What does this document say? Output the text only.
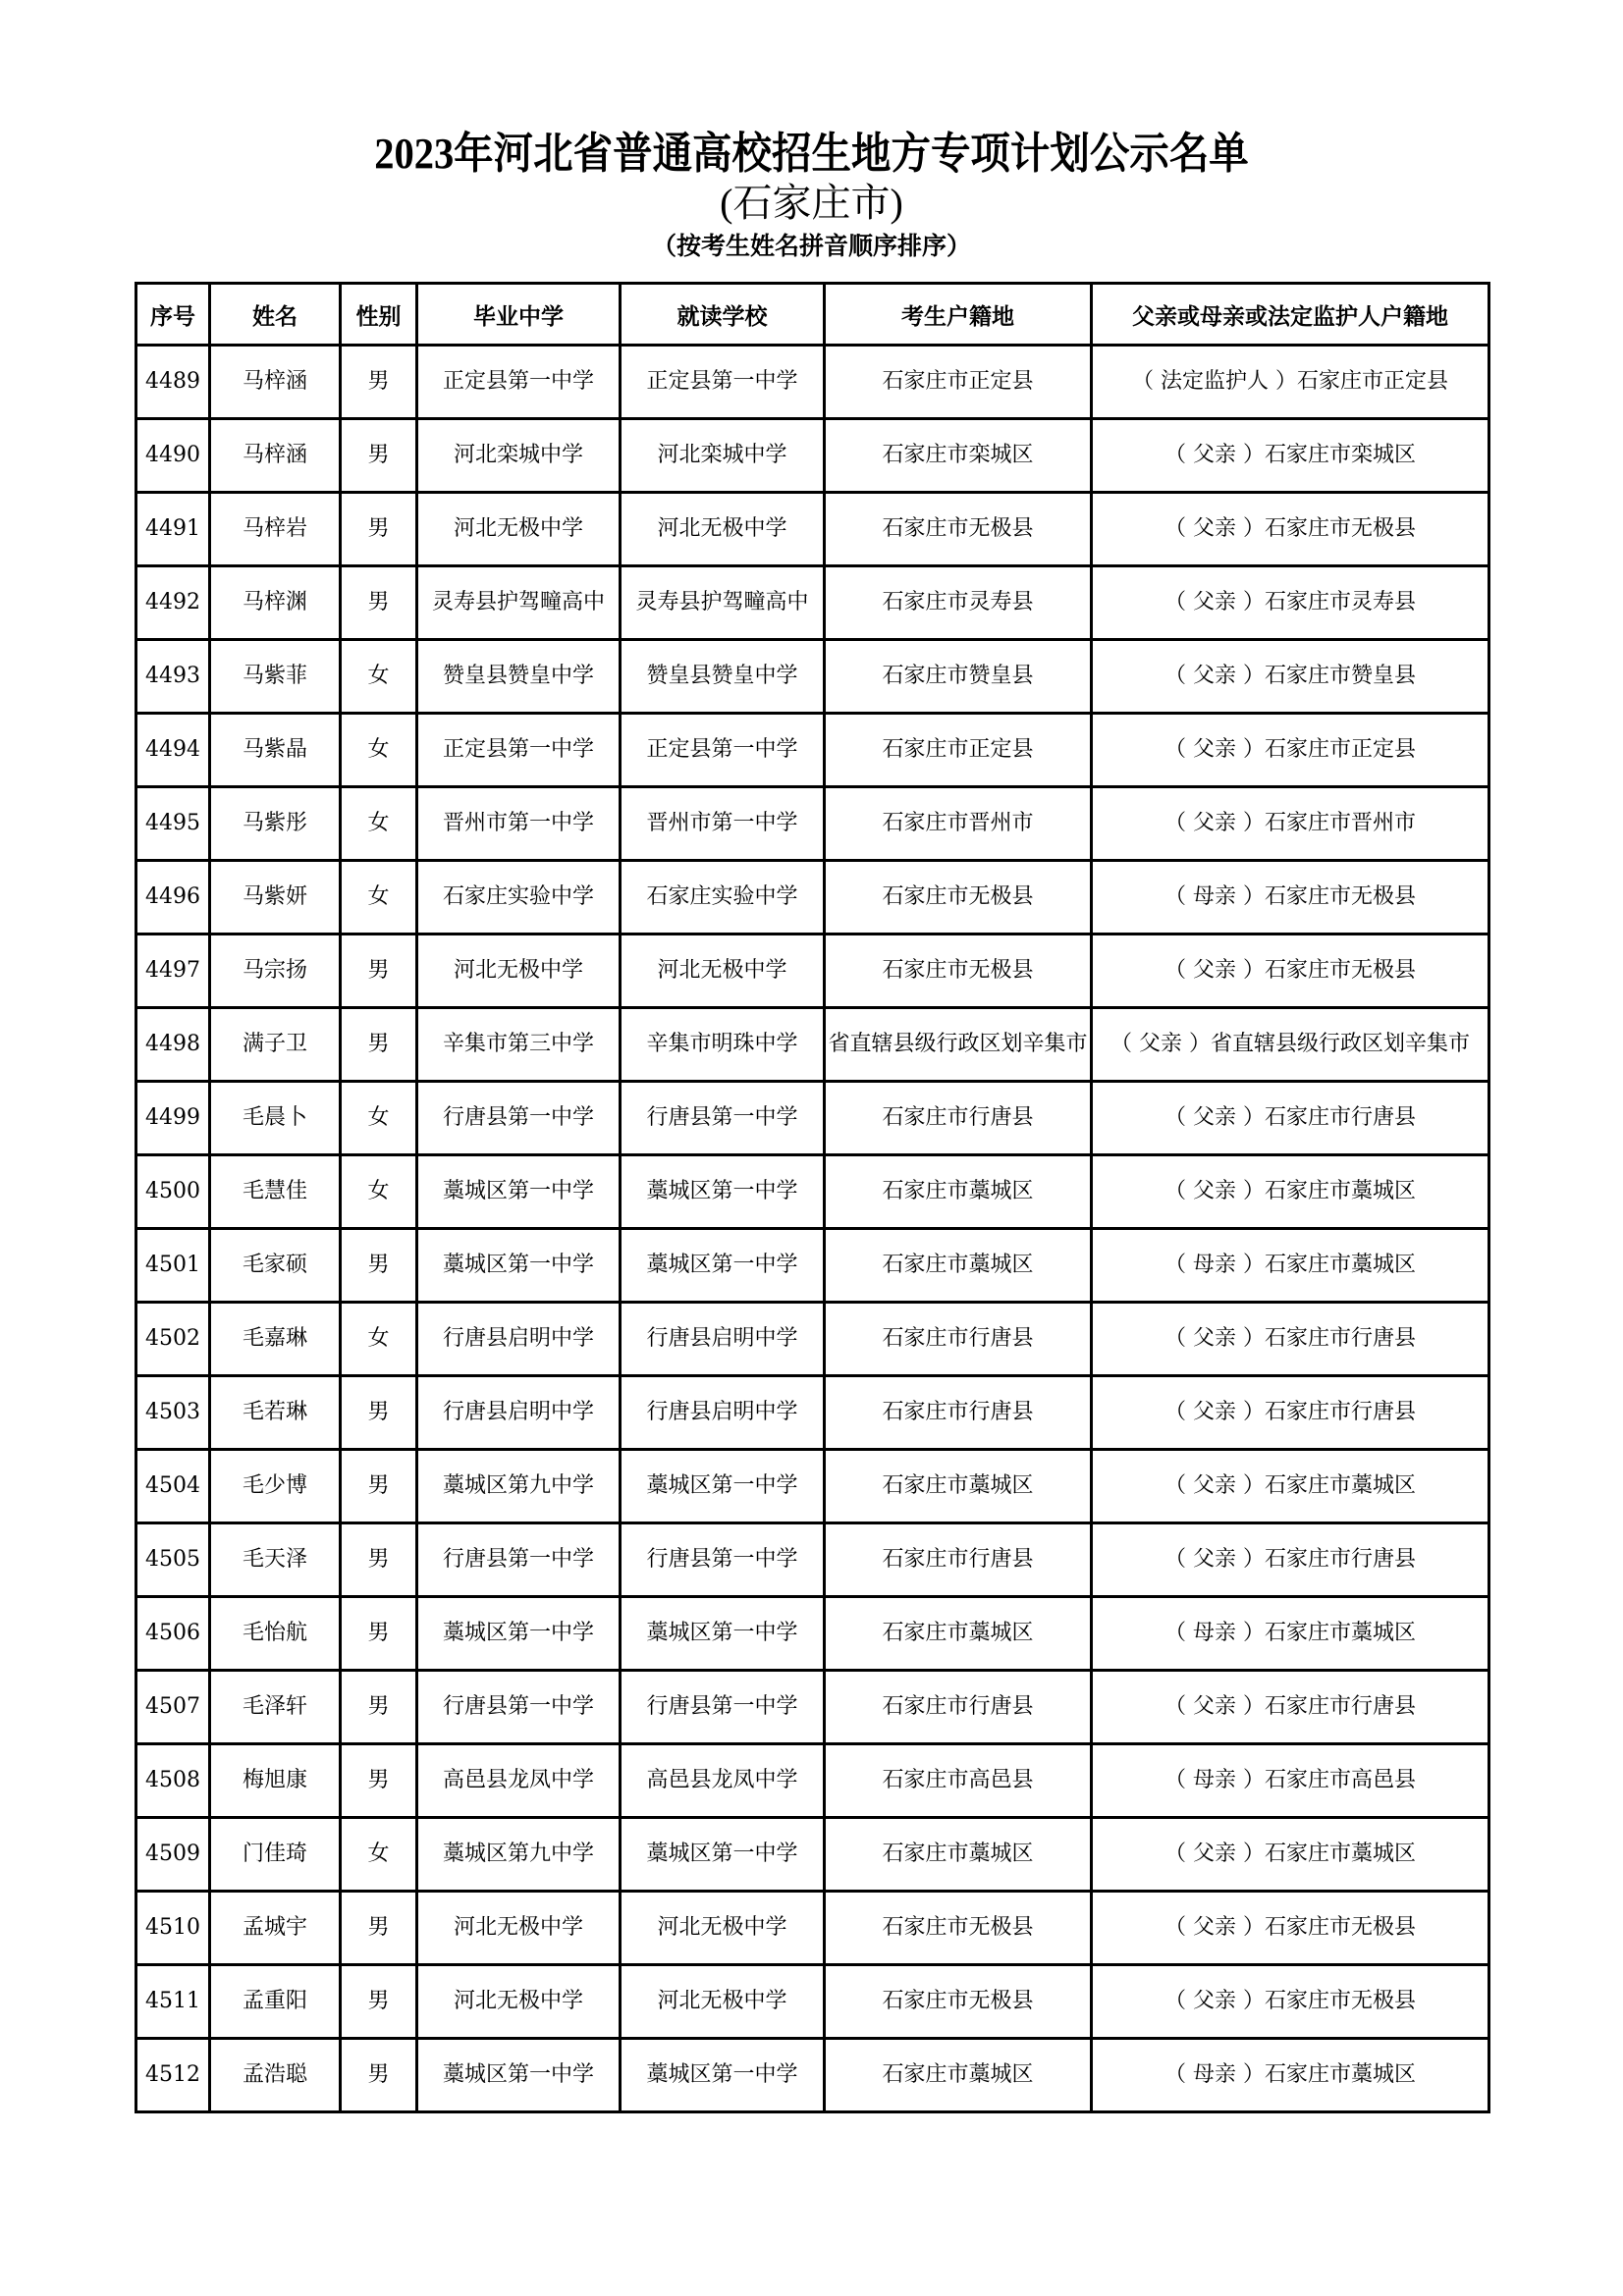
2023年河北省普通高校招生地方专项计划公示名单
(石家庄市)
（按考生姓名拼音顺序排序）
序号	姓名	性别	毕业中学	就读学校	考生户籍地	父亲或母亲或法定监护人户籍地
4489	马梓涵	男	正定县第一中学	正定县第一中学	石家庄市正定县	（ 法定监护人 ）石家庄市正定县
4490	马梓涵	男	河北栾城中学	河北栾城中学	石家庄市栾城区	（ 父亲 ）石家庄市栾城区
4491	马梓岩	男	河北无极中学	河北无极中学	石家庄市无极县	（ 父亲 ）石家庄市无极县
4492	马梓渊	男	灵寿县护驾疃高中	灵寿县护驾疃高中	石家庄市灵寿县	（ 父亲 ）石家庄市灵寿县
4493	马紫菲	女	赞皇县赞皇中学	赞皇县赞皇中学	石家庄市赞皇县	（ 父亲 ）石家庄市赞皇县
4494	马紫晶	女	正定县第一中学	正定县第一中学	石家庄市正定县	（ 父亲 ）石家庄市正定县
4495	马紫彤	女	晋州市第一中学	晋州市第一中学	石家庄市晋州市	（ 父亲 ）石家庄市晋州市
4496	马紫妍	女	石家庄实验中学	石家庄实验中学	石家庄市无极县	（ 母亲 ）石家庄市无极县
4497	马宗扬	男	河北无极中学	河北无极中学	石家庄市无极县	（ 父亲 ）石家庄市无极县
4498	满子卫	男	辛集市第三中学	辛集市明珠中学	省直辖县级行政区划辛集市	（ 父亲 ）省直辖县级行政区划辛集市
4499	毛晨卜	女	行唐县第一中学	行唐县第一中学	石家庄市行唐县	（ 父亲 ）石家庄市行唐县
4500	毛慧佳	女	藁城区第一中学	藁城区第一中学	石家庄市藁城区	（ 父亲 ）石家庄市藁城区
4501	毛家硕	男	藁城区第一中学	藁城区第一中学	石家庄市藁城区	（ 母亲 ）石家庄市藁城区
4502	毛嘉琳	女	行唐县启明中学	行唐县启明中学	石家庄市行唐县	（ 父亲 ）石家庄市行唐县
4503	毛若琳	男	行唐县启明中学	行唐县启明中学	石家庄市行唐县	（ 父亲 ）石家庄市行唐县
4504	毛少博	男	藁城区第九中学	藁城区第一中学	石家庄市藁城区	（ 父亲 ）石家庄市藁城区
4505	毛天泽	男	行唐县第一中学	行唐县第一中学	石家庄市行唐县	（ 父亲 ）石家庄市行唐县
4506	毛怡航	男	藁城区第一中学	藁城区第一中学	石家庄市藁城区	（ 母亲 ）石家庄市藁城区
4507	毛泽轩	男	行唐县第一中学	行唐县第一中学	石家庄市行唐县	（ 父亲 ）石家庄市行唐县
4508	梅旭康	男	高邑县龙凤中学	高邑县龙凤中学	石家庄市高邑县	（ 母亲 ）石家庄市高邑县
4509	门佳琦	女	藁城区第九中学	藁城区第一中学	石家庄市藁城区	（ 父亲 ）石家庄市藁城区
4510	孟城宇	男	河北无极中学	河北无极中学	石家庄市无极县	（ 父亲 ）石家庄市无极县
4511	孟重阳	男	河北无极中学	河北无极中学	石家庄市无极县	（ 父亲 ）石家庄市无极县
4512	孟浩聪	男	藁城区第一中学	藁城区第一中学	石家庄市藁城区	（ 母亲 ）石家庄市藁城区
